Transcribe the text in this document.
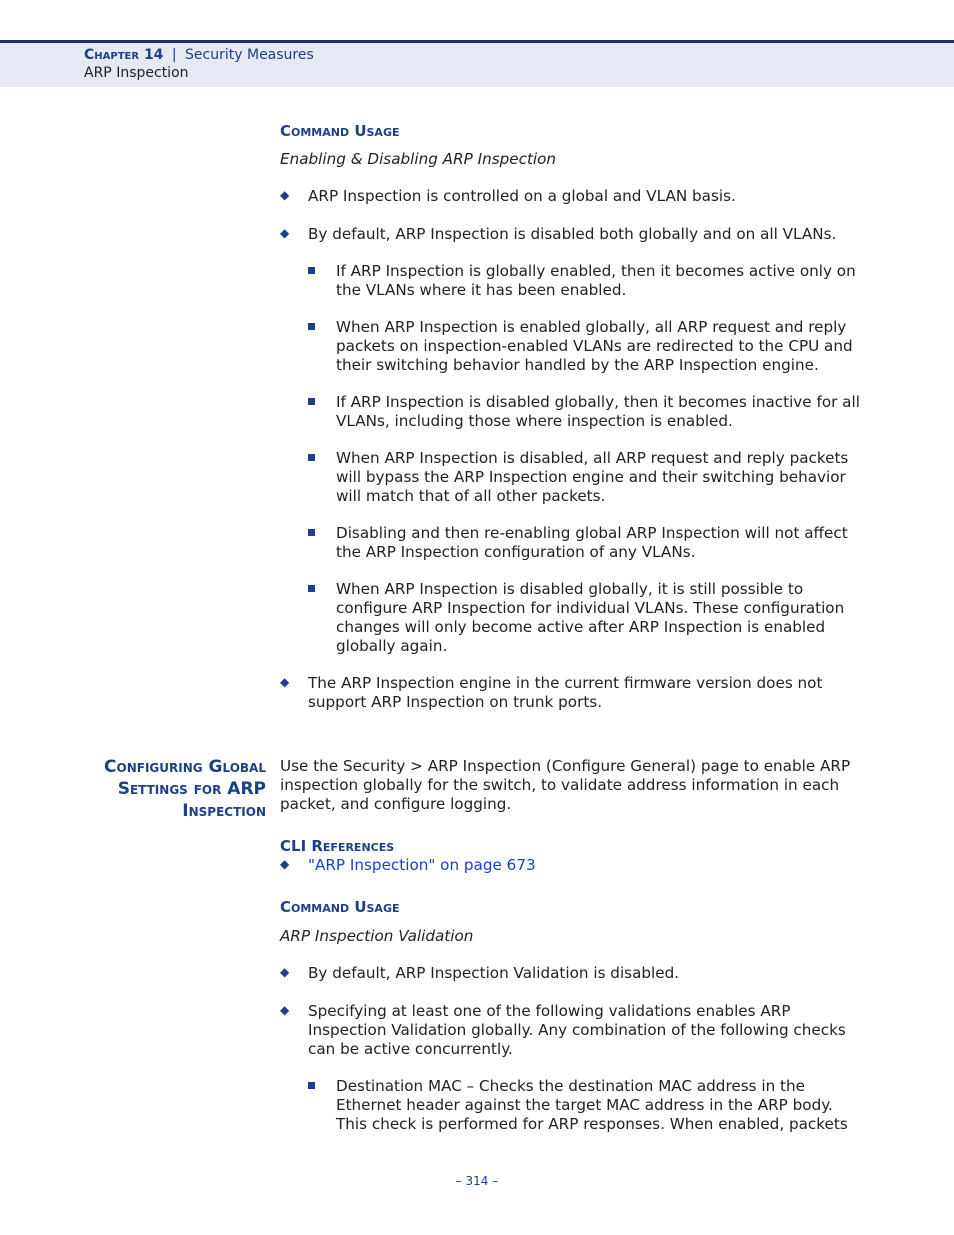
Chapter 14 | Security Measures
ARP Inspection
Command Usage
Enabling & Disabling ARP Inspection
◆	ARP Inspection is controlled on a global and VLAN basis.
◆	By default, ARP Inspection is disabled both globally and on all VLANs.
If ARP Inspection is globally enabled, then it becomes active only on the VLANs where it has been enabled.
When ARP Inspection is enabled globally, all ARP request and reply packets on inspection-enabled VLANs are redirected to the CPU and their switching behavior handled by the ARP Inspection engine.
If ARP Inspection is disabled globally, then it becomes inactive for all VLANs, including those where inspection is enabled.
When ARP Inspection is disabled, all ARP request and reply packets will bypass the ARP Inspection engine and their switching behavior will match that of all other packets.
Disabling and then re-enabling global ARP Inspection will not affect the ARP Inspection configuration of any VLANs.
When ARP Inspection is disabled globally, it is still possible to configure ARP Inspection for individual VLANs. These configuration changes will only become active after ARP Inspection is enabled globally again.
◆	The ARP Inspection engine in the current firmware version does not support ARP Inspection on trunk ports.
Configuring Global
Settings for ARP
Inspection
Use the Security > ARP Inspection (Configure General) page to enable ARP inspection globally for the switch, to validate address information in each packet, and configure logging.
CLI References
◆	"ARP Inspection" on page 673
Command Usage
ARP Inspection Validation
◆	By default, ARP Inspection Validation is disabled.
◆	Specifying at least one of the following validations enables ARP Inspection Validation globally. Any combination of the following checks can be active concurrently.
Destination MAC – Checks the destination MAC address in the Ethernet header against the target MAC address in the ARP body. This check is performed for ARP responses. When enabled, packets
– 314 –
